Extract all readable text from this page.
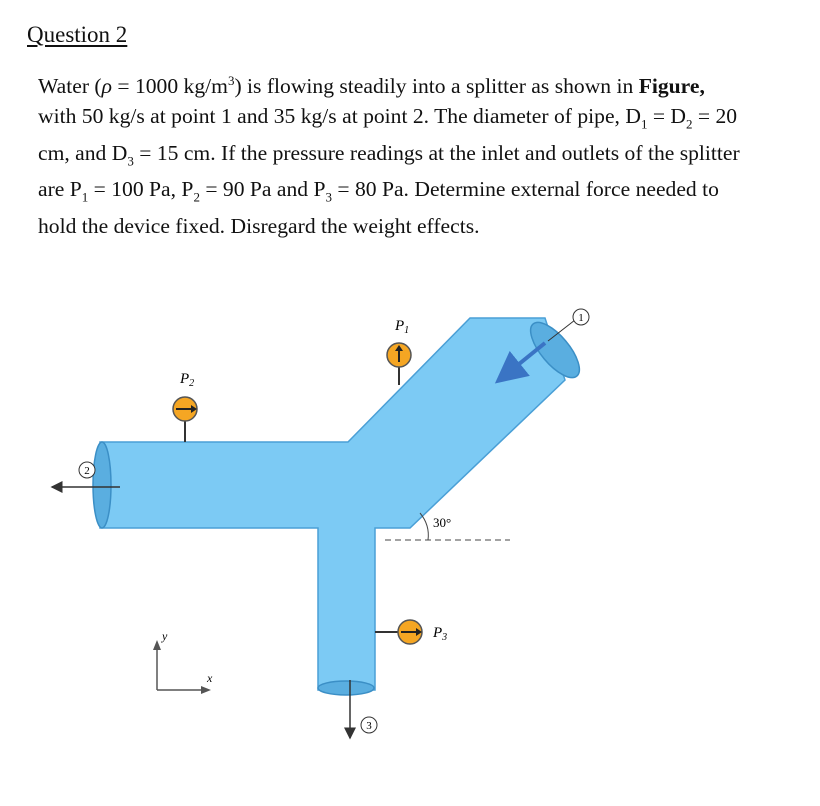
Question 2
Water (ρ = 1000 $kg/m^3$) is flowing steadily into a splitter as shown in Figure,
with 50 kg/s at point 1 and 35 kg/s at point 2. The diameter of pipe, $D_1 = D_2 = 20$
cm, and $D_3 = 15$ cm. If the pressure readings at the inlet and outlets of the splitter
are $P_1 = 100$ Pa, $P_2 = 90$ Pa and $P_3 = 80$ Pa. Determine external force needed to
hold the device fixed. Disregard the weight effects.
1
2
3
$P_1$
$P_2$
$P_3$
30°
y
x
